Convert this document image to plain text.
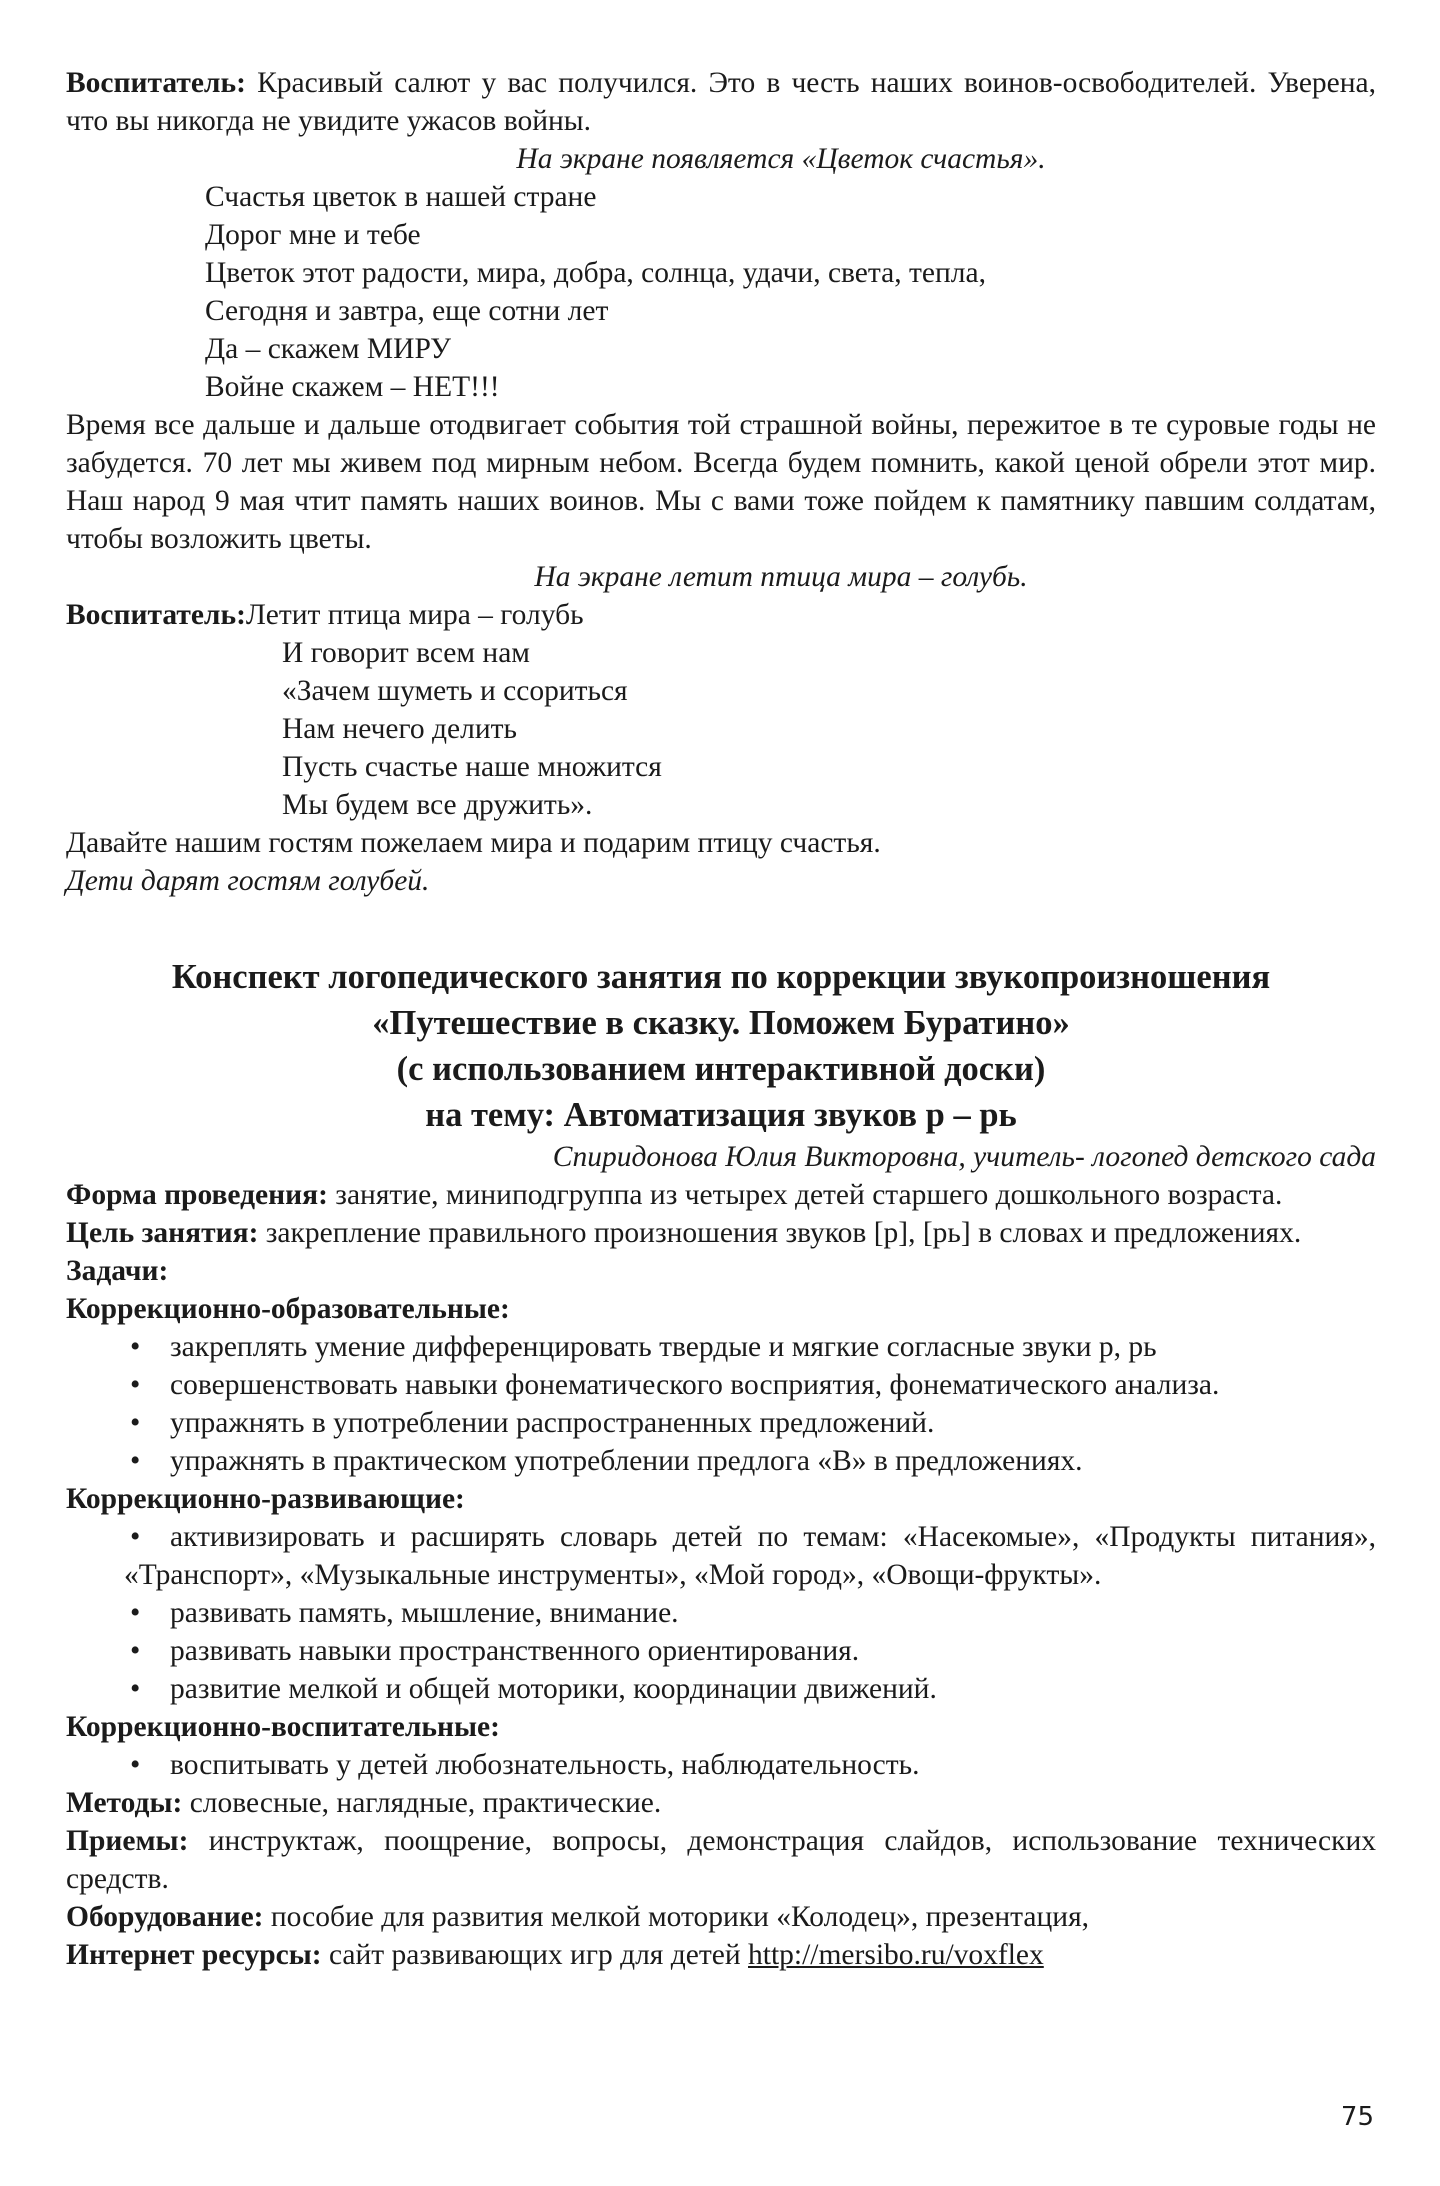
Воспитатель: Красивый салют у вас получился. Это в честь наших воинов-освободителей. Уверена, что вы никогда не увидите ужасов войны.

На экране появляется «Цветок счастья».

Счастья цветок в нашей стране

Дорог мне и тебе

Цветок этот радости, мира, добра, солнца, удачи, света, тепла,

Сегодня и завтра, еще сотни лет

Да – скажем МИРУ

Войне скажем – НЕТ!!!

Время все дальше и дальше отодвигает события той страшной войны, пережитое в те суровые годы не забудется. 70 лет мы живем под мирным небом. Всегда будем помнить, какой ценой обрели этот мир. Наш народ 9 мая чтит память наших воинов. Мы с вами тоже пойдем к памятнику павшим солдатам, чтобы возложить цветы.

На экране летит птица мира – голубь.

Воспитатель: Летит птица мира – голубь

И говорит всем нам

«Зачем шуметь и ссориться

Нам нечего делить

Пусть счастье наше множится

Мы будем все дружить».

Давайте нашим гостям пожелаем мира и подарим птицу счастья.

Дети дарят гостям голубей.

Конспект логопедического занятия по коррекции звукопроизношения

«Путешествие в сказку. Поможем Буратино»

(с использованием интерактивной доски)

на тему: Автоматизация звуков р – рь

Спиридонова Юлия Викторовна, учитель- логопед детского сада

Форма проведения: занятие, миниподгруппа из четырех детей старшего дошкольного возраста.

Цель занятия: закрепление правильного произношения звуков [р], [рь] в словах и предложениях.

Задачи:

Коррекционно-образовательные:

• закреплять умение дифференцировать твердые и мягкие согласные звуки р, рь
• совершенствовать навыки фонематического восприятия, фонематического анализа.
• упражнять в употреблении распространенных предложений.
• упражнять в практическом употреблении предлога «В» в предложениях.

Коррекционно-развивающие:

• активизировать и расширять словарь детей по темам: «Насекомые», «Продукты питания», «Транспорт», «Музыкальные инструменты», «Мой город», «Овощи-фрукты».

• развивать память, мышление, внимание.
• развивать навыки пространственного ориентирования.
• развитие мелкой и общей моторики, координации движений.

Коррекционно-воспитательные:

• воспитывать у детей любознательность, наблюдательность.

Методы: словесные, наглядные, практические.

Приемы: инструктаж, поощрение, вопросы, демонстрация слайдов, использование технических средств.

Оборудование: пособие для развития мелкой моторики «Колодец», презентация,

Интернет ресурсы: сайт развивающих игр для детей http://mersibo.ru/voxflex

75
